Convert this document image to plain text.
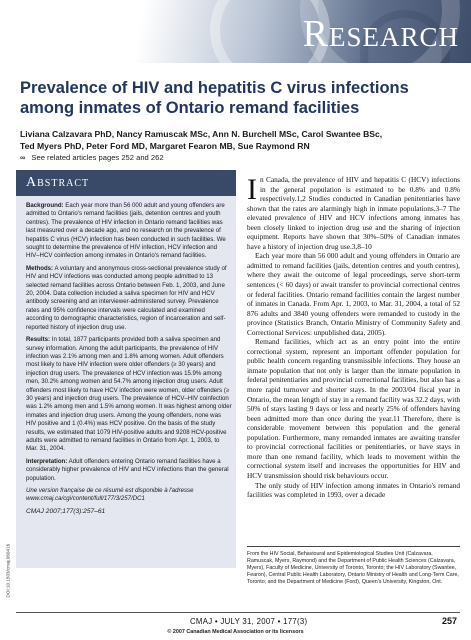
Research
Prevalence of HIV and hepatitis C virus infections among inmates of Ontario remand facilities
Liviana Calzavara PhD, Nancy Ramuscak MSc, Ann N. Burchell MSc, Carol Swantee BSc,
Ted Myers PhD, Peter Ford MD, Margaret Fearon MB, Sue Raymond RN
∞ See related articles pages 252 and 262
Abstract

Background: Each year more than 56 000 adult and young offenders are admitted to Ontario's remand facilities (jails, detention centres and youth centres). The prevalence of HIV infection in Ontario remand facilities was last measured over a decade ago, and no research on the prevalence of hepatitis C virus (HCV) infection has been conducted in such facilities. We sought to determine the prevalence of HIV infection, HCV infection and HIV–HCV coinfection among inmates in Ontario's remand facilities.

Methods: A voluntary and anonymous cross-sectional prevalence study of HIV and HCV infections was conducted among people admitted to 13 selected remand facilities across Ontario between Feb. 1, 2003, and June 20, 2004. Data collection included a saliva specimen for HIV and HCV antibody screening and an interviewer-administered survey. Prevalence rates and 95% confidence intervals were calculated and examined according to demographic characteristics, region of incarceration and self-reported history of injection drug use.

Results: In total, 1877 participants provided both a saliva specimen and survey information. Among the adult participants, the prevalence of HIV infection was 2.1% among men and 1.8% among women. Adult offenders most likely to have HIV infection were older offenders (≥ 30 years) and injection drug users. The prevalence of HCV infection was 15.9% among men, 30.2% among women and 54.7% among injection drug users. Adult offenders most likely to have HCV infection were women, older offenders (≥ 30 years) and injection drug users. The prevalence of HCV–HIV coinfection was 1.2% among men and 1.5% among women. It was highest among older inmates and injection drug users. Among the young offenders, none was HIV positive and 1 (0.4%) was HCV positive. On the basis of the study results, we estimated that 1079 HIV-positive adults and 9208 HCV-positive adults were admitted to remand facilities in Ontario from Apr. 1, 2003, to Mar. 31, 2004.

Interpretation: Adult offenders entering Ontario remand facilities have a considerably higher prevalence of HIV and HCV infections than the general population.

Une version française de ce résumé est disponible à l'adresse www.cmaj.ca/cgi/content/full/177/3/257/DC1

CMAJ 2007;177(3):257–61

DOI:10.1503/cmaj.060416

In Canada, the prevalence of HIV and hepatitis C (HCV) infections in the general population is estimated to be 0.8% and 0.8% respectively.1,2 Studies conducted in Canadian penitentiaries have shown that the rates are alarmingly high in inmate populations.3–7 The elevated prevalence of HIV and HCV infections among inmates has been closely linked to injection drug use and the sharing of injection equipment. Reports have shown that 30%–50% of Canadian inmates have a history of injection drug use.3,8–10

Each year more than 56 000 adult and young offenders in Ontario are admitted to remand facilities (jails, detention centres and youth centres), where they await the outcome of legal proceedings, serve short-term sentences (< 60 days) or await transfer to provincial correctional centres or federal facilities. Ontario remand facilities contain the largest number of inmates in Canada. From Apr. 1, 2003, to Mar. 31, 2004, a total of 52 876 adults and 3840 young offenders were remanded to custody in the province (Statistics Branch, Ontario Ministry of Community Safety and Correctional Services: unpublished data, 2005).

Remand facilities, which act as an entry point into the entire correctional system, represent an important offender population for public health concern regarding transmissible infections. They house an inmate population that not only is larger than the inmate population in federal penitentiaries and provincial correctional facilities, but also has a more rapid turnover and shorter stays. In the 2003/04 fiscal year in Ontario, the mean length of stay in a remand facility was 32.2 days, with 50% of stays lasting 9 days or less and nearly 25% of offenders having been admitted more than once during the year.11 Therefore, there is considerable movement between this population and the general population. Furthermore, many remanded inmates are awaiting transfer to provincial correctional facilities or penitentiaries, or have stays in more than one remand facility, which leads to movement within the correctional system itself and increases the opportunities for HIV and HCV transmission should risk behaviours occur.

The only study of HIV infection among inmates in Ontario's remand facilities was completed in 1993, over a decade

From the HIV Social, Behavioural and Epidemiological Studies Unit (Calzavara, Ramuscak, Myers, Raymond) and the Department of Public Health Sciences (Calzavara, Myers), Faculty of Medicine, University of Toronto, Toronto; the HIV Laboratory (Swantee, Fearon), Central Public Health Laboratory, Ontario Ministry of Health and Long-Term Care, Toronto; and the Department of Medicine (Ford), Queen's University, Kingston, Ont.
CMAJ • JULY 31, 2007 • 177(3)	257
© 2007 Canadian Medical Association or its licensors
